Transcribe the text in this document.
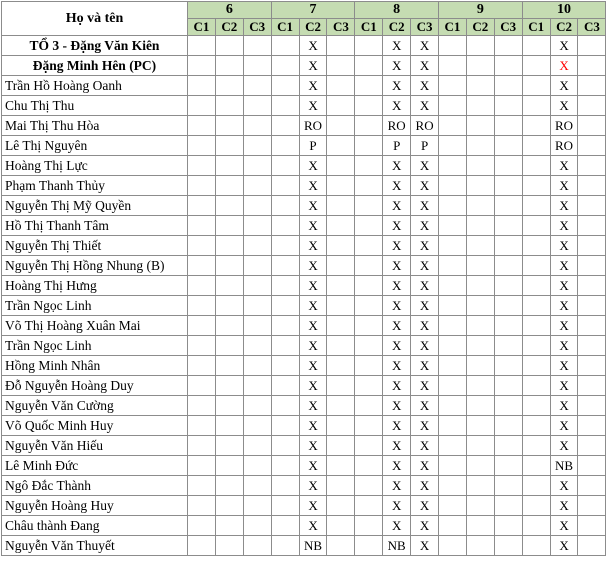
Họ và tên	6			7			8			9			10		
	C1	C2	C3	C1	C2	C3	C1	C2	C3	C1	C2	C3	C1	C2	C3
TỔ 3 - Đặng Văn Kiên					X			X	X					X	
Đặng Minh Hên (PC)					X			X	X					X	
Trần Hồ Hoàng Oanh					X			X	X					X	
Chu Thị Thu					X			X	X					X	
Mai Thị Thu Hòa					RO			RO	RO					RO	
Lê Thị Nguyên					P			P	P					RO	
Hoàng Thị Lực					X			X	X					X	
Phạm Thanh Thủy					X			X	X					X	
Nguyễn Thị Mỹ Quyền					X			X	X					X	
Hồ Thị Thanh Tâm					X			X	X					X	
Nguyễn Thị Thiết					X			X	X					X	
Nguyễn Thị Hồng Nhung (B)					X			X	X					X	
Hoàng Thị Hưng					X			X	X					X	
Trần Ngọc Linh					X			X	X					X	
Võ Thị Hoàng Xuân Mai					X			X	X					X	
Trần Ngọc Linh					X			X	X					X	
Hồng Minh Nhân					X			X	X					X	
Đỗ Nguyễn Hoàng Duy					X			X	X					X	
Nguyễn Văn Cường					X			X	X					X	
Võ Quốc Minh Huy					X			X	X					X	
Nguyễn Văn Hiếu					X			X	X					X	
Lê Minh Đức					X			X	X					NB	
Ngô Đắc Thành					X			X	X					X	
Nguyễn Hoàng Huy					X			X	X					X	
Châu thành Đang					X			X	X					X	
Nguyễn Văn Thuyết					NB			NB	X					X	
